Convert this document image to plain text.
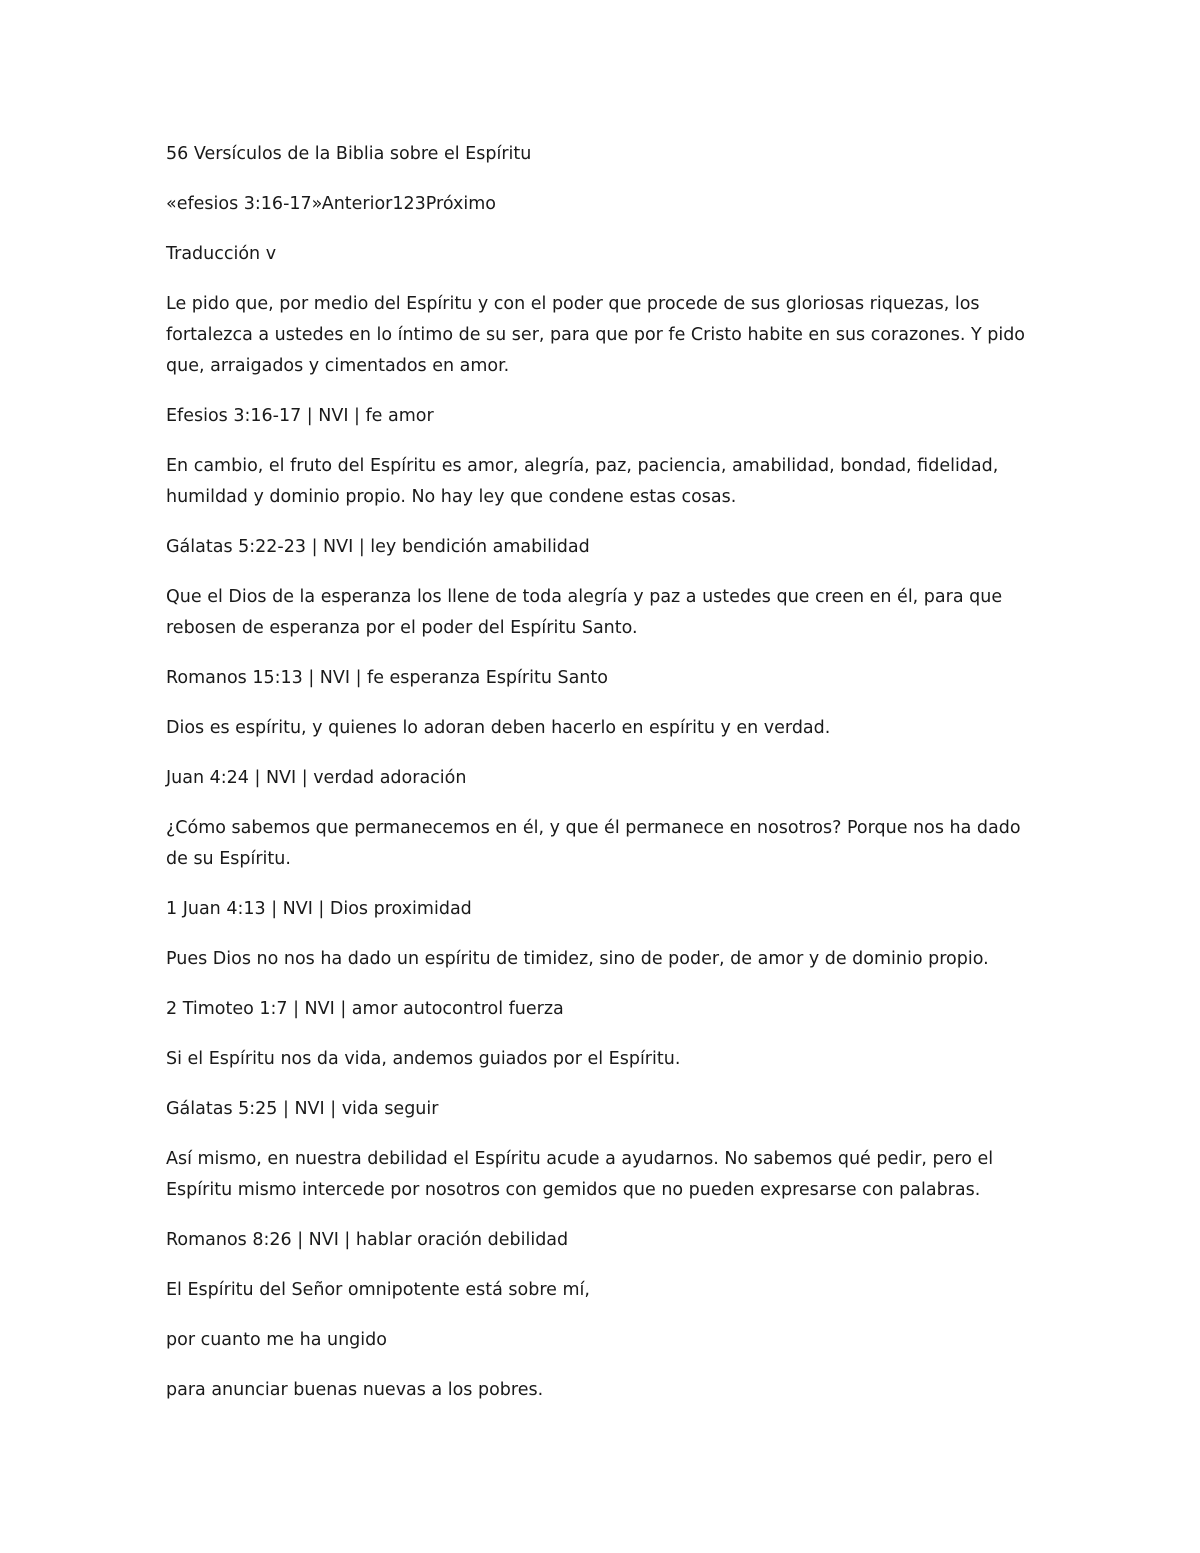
56 Versículos de la Biblia sobre el Espíritu

«efesios 3:16-17»Anterior123Próximo

Traducción v

Le pido que, por medio del Espíritu y con el poder que procede de sus gloriosas riquezas, los fortalezca a ustedes en lo íntimo de su ser, para que por fe Cristo habite en sus corazones. Y pido que, arraigados y cimentados en amor.

Efesios 3:16-17 | NVI | fe amor

En cambio, el fruto del Espíritu es amor, alegría, paz, paciencia, amabilidad, bondad, fidelidad, humildad y dominio propio. No hay ley que condene estas cosas.

Gálatas 5:22-23 | NVI | ley bendición amabilidad

Que el Dios de la esperanza los llene de toda alegría y paz a ustedes que creen en él, para que rebosen de esperanza por el poder del Espíritu Santo.

Romanos 15:13 | NVI | fe esperanza Espíritu Santo

Dios es espíritu, y quienes lo adoran deben hacerlo en espíritu y en verdad.

Juan 4:24 | NVI | verdad adoración

¿Cómo sabemos que permanecemos en él, y que él permanece en nosotros? Porque nos ha dado de su Espíritu.

1 Juan 4:13 | NVI | Dios proximidad

Pues Dios no nos ha dado un espíritu de timidez, sino de poder, de amor y de dominio propio.

2 Timoteo 1:7 | NVI | amor autocontrol fuerza

Si el Espíritu nos da vida, andemos guiados por el Espíritu.

Gálatas 5:25 | NVI | vida seguir

Así mismo, en nuestra debilidad el Espíritu acude a ayudarnos. No sabemos qué pedir, pero el Espíritu mismo intercede por nosotros con gemidos que no pueden expresarse con palabras.

Romanos 8:26 | NVI | hablar oración debilidad

El Espíritu del Señor omnipotente está sobre mí,

por cuanto me ha ungido

para anunciar buenas nuevas a los pobres.
